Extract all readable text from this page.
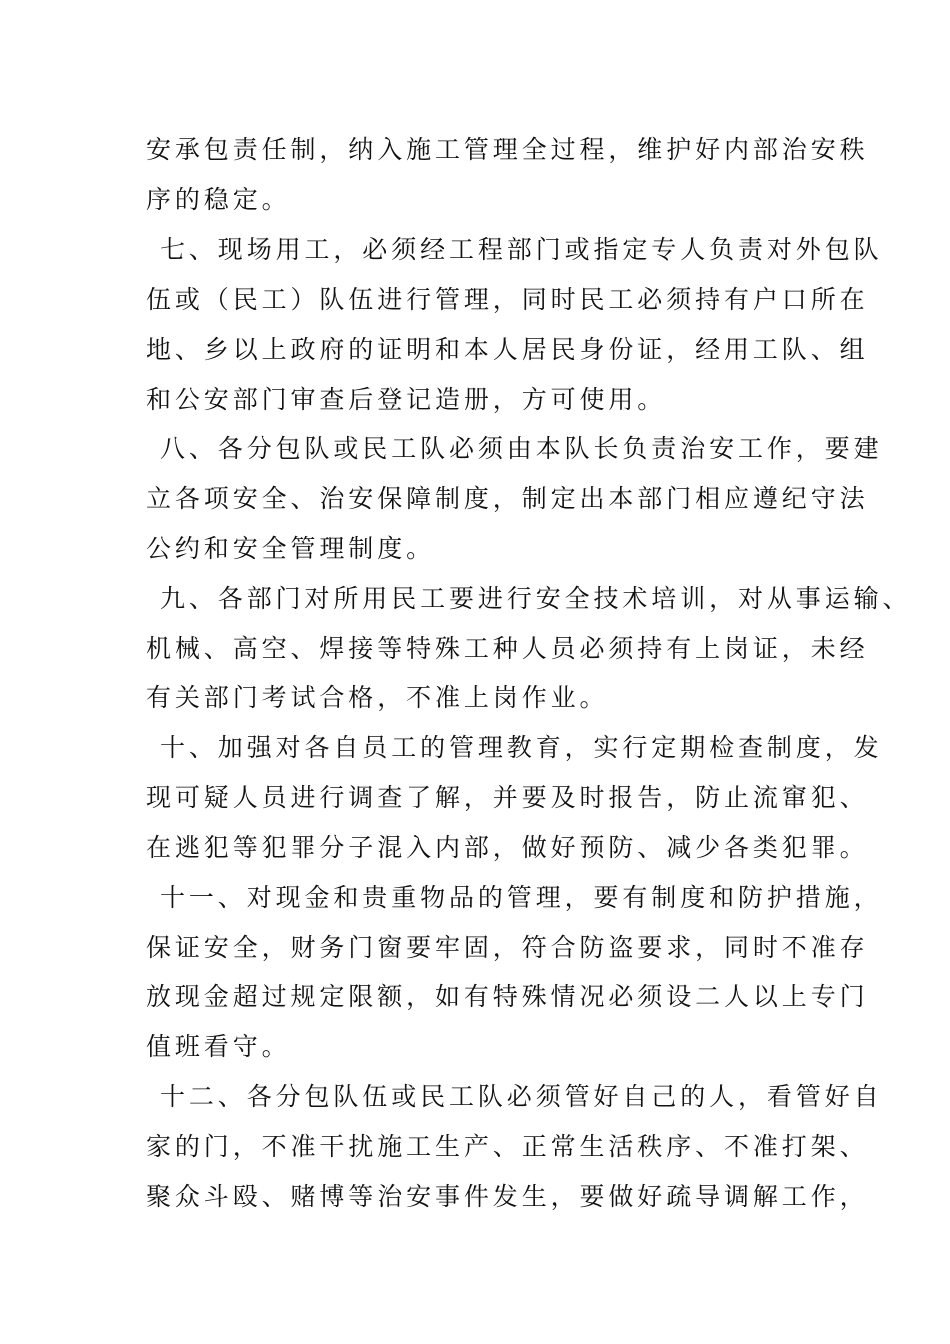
安承包责任制，纳入施工管理全过程，维护好内部治安秩
序的稳定。
七、现场用工，必须经工程部门或指定专人负责对外包队
伍或（民工）队伍进行管理，同时民工必须持有户口所在
地、乡以上政府的证明和本人居民身份证，经用工队、组
和公安部门审查后登记造册，方可使用。
八、各分包队或民工队必须由本队长负责治安工作，要建
立各项安全、治安保障制度，制定出本部门相应遵纪守法
公约和安全管理制度。
九、各部门对所用民工要进行安全技术培训，对从事运输、
机械、高空、焊接等特殊工种人员必须持有上岗证，未经
有关部门考试合格，不准上岗作业。
十、加强对各自员工的管理教育，实行定期检查制度，发
现可疑人员进行调查了解，并要及时报告，防止流窜犯、
在逃犯等犯罪分子混入内部，做好预防、减少各类犯罪。
十一、对现金和贵重物品的管理，要有制度和防护措施，
保证安全，财务门窗要牢固，符合防盗要求，同时不准存
放现金超过规定限额，如有特殊情况必须设二人以上专门
值班看守。
十二、各分包队伍或民工队必须管好自己的人，看管好自
家的门，不准干扰施工生产、正常生活秩序、不准打架、
聚众斗殴、赌博等治安事件发生，要做好疏导调解工作，
